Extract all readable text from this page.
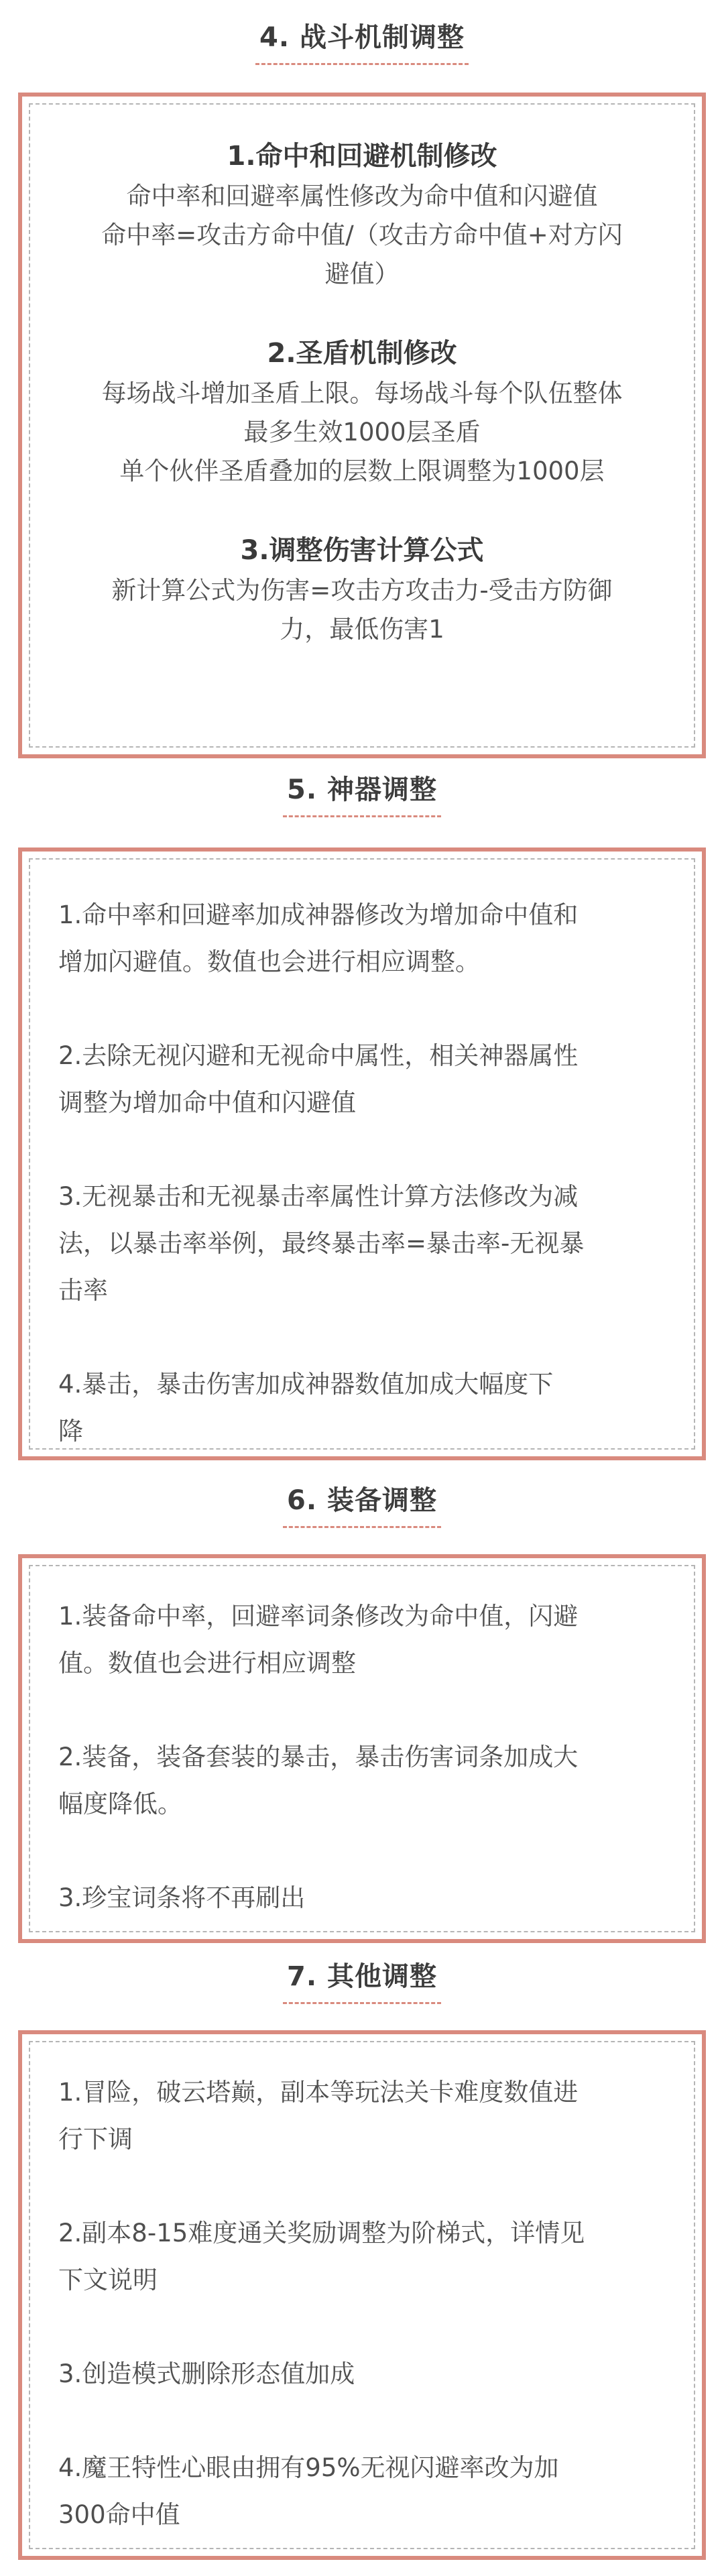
4. 战斗机制调整

1.命中和回避机制修改

命中率和回避率属性修改为命中值和闪避值

命中率=攻击方命中值/（攻击方命中值+对方闪

避值）

2.圣盾机制修改

每场战斗增加圣盾上限。每场战斗每个队伍整体

最多生效1000层圣盾

单个伙伴圣盾叠加的层数上限调整为1000层

3.调整伤害计算公式

新计算公式为伤害=攻击方攻击力-受击方防御

力，最低伤害1

5. 神器调整

1.命中率和回避率加成神器修改为增加命中值和

增加闪避值。数值也会进行相应调整。

2.去除无视闪避和无视命中属性，相关神器属性

调整为增加命中值和闪避值

3.无视暴击和无视暴击率属性计算方法修改为减

法，以暴击率举例，最终暴击率=暴击率-无视暴

击率

4.暴击，暴击伤害加成神器数值加成大幅度下

降

6. 装备调整

1.装备命中率，回避率词条修改为命中值，闪避

值。数值也会进行相应调整

2.装备，装备套装的暴击，暴击伤害词条加成大

幅度降低。

3.珍宝词条将不再刷出

7. 其他调整

1.冒险，破云塔巅，副本等玩法关卡难度数值进

行下调

2.副本8-15难度通关奖励调整为阶梯式，详情见

下文说明

3.创造模式删除形态值加成

4.魔王特性心眼由拥有95%无视闪避率改为加

300命中值
